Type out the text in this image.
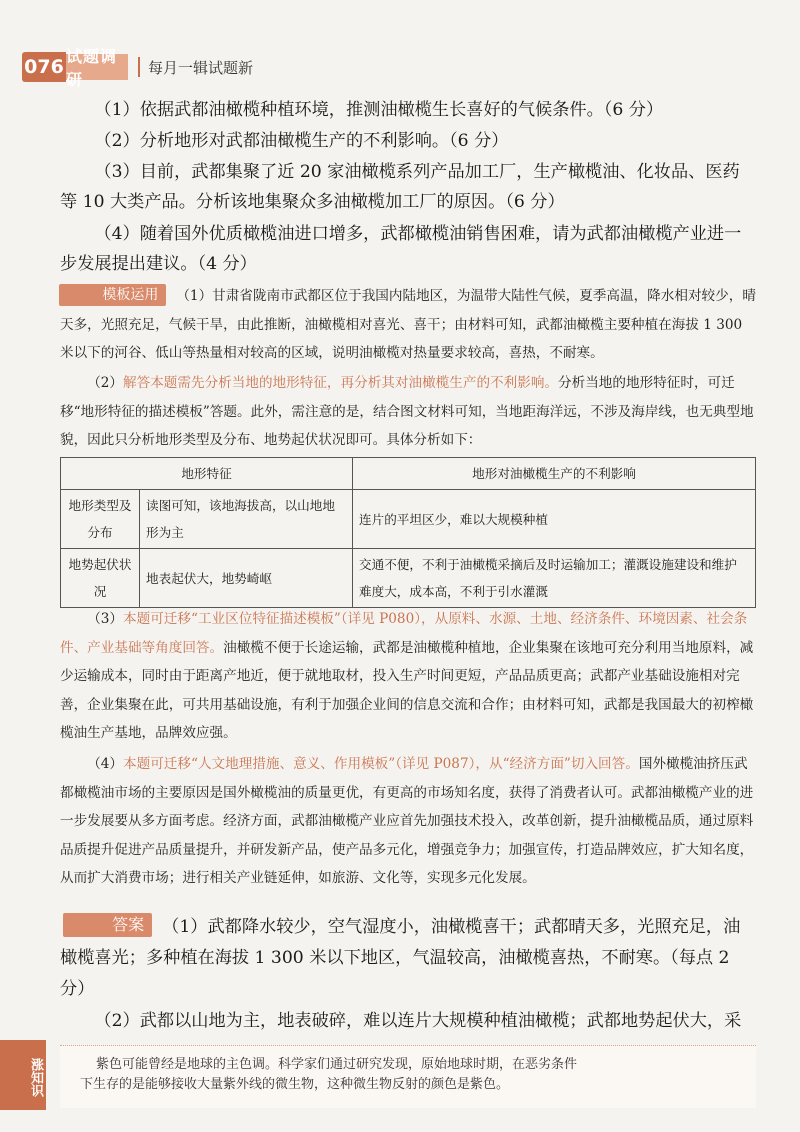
076 试题调研
每月一辑试题新

（1）依据武都油橄榄种植环境，推测油橄榄生长喜好的气候条件。（6 分）

（2）分析地形对武都油橄榄生产的不利影响。（6 分）

（3）目前，武都集聚了近 20 家油橄榄系列产品加工厂，生产橄榄油、化妆品、医药等 10 大类产品。分析该地集聚众多油橄榄加工厂的原因。（6 分）

（4）随着国外优质橄榄油进口增多，武都橄榄油销售困难，请为武都油橄榄产业进一步发展提出建议。（4 分）

模板运用 （1）甘肃省陇南市武都区位于我国内陆地区，为温带大陆性气候，夏季高温，降水相对较少，晴天多，光照充足，气候干旱，由此推断，油橄榄相对喜光、喜干；由材料可知，武都油橄榄主要种植在海拔 1 300 米以下的河谷、低山等热量相对较高的区域，说明油橄榄对热量要求较高，喜热，不耐寒。

（2）解答本题需先分析当地的地形特征，再分析其对油橄榄生产的不利影响。分析当地的地形特征时，可迁移“地形特征的描述模板”答题。此外，需注意的是，结合图文材料可知，当地距海洋远，不涉及海岸线，也无典型地貌，因此只分析地形类型及分布、地势起伏状况即可。具体分析如下：

地形特征		地形对油橄榄生产的不利影响
地形类型及分布	读图可知，该地海拔高，以山地地形为主	连片的平坦区少，难以大规模种植
地势起伏状况	地表起伏大，地势崎岖	交通不便，不利于油橄榄采摘后及时运输加工；灌溉设施建设和维护难度大，成本高，不利于引水灌溉

（3）本题可迁移“工业区位特征描述模板”（详见 P080），从原料、水源、土地、经济条件、环境因素、社会条件、产业基础等角度回答。油橄榄不便于长途运输，武都是油橄榄种植地，企业集聚在该地可充分利用当地原料，减少运输成本，同时由于距离产地近，便于就地取材，投入生产时间更短，产品品质更高；武都产业基础设施相对完善，企业集聚在此，可共用基础设施，有利于加强企业间的信息交流和合作；由材料可知，武都是我国最大的初榨橄榄油生产基地，品牌效应强。

（4）本题可迁移“人文地理措施、意义、作用模板”（详见 P087），从“经济方面”切入回答。国外橄榄油挤压武都橄榄油市场的主要原因是国外橄榄油的质量更优，有更高的市场知名度，获得了消费者认可。武都油橄榄产业的进一步发展要从多方面考虑。经济方面，武都油橄榄产业应首先加强技术投入，改革创新，提升油橄榄品质，通过原料品质提升促进产品质量提升，并研发新产品，使产品多元化，增强竞争力；加强宣传，打造品牌效应，扩大知名度，从而扩大消费市场；进行相关产业链延伸，如旅游、文化等，实现多元化发展。

答案 （1）武都降水较少，空气湿度小，油橄榄喜干；武都晴天多，光照充足，油橄榄喜光；多种植在海拔 1 300 米以下地区，气温较高，油橄榄喜热，不耐寒。（每点 2 分）

（2）武都以山地为主，地表破碎，难以连片大规模种植油橄榄；武都地势起伏大，采

涨知识	紫色可能曾经是地球的主色调。科学家们通过研究发现，原始地球时期，在恶劣条件

下生存的是能够接收大量紫外线的微生物，这种微生物反射的颜色是紫色。
